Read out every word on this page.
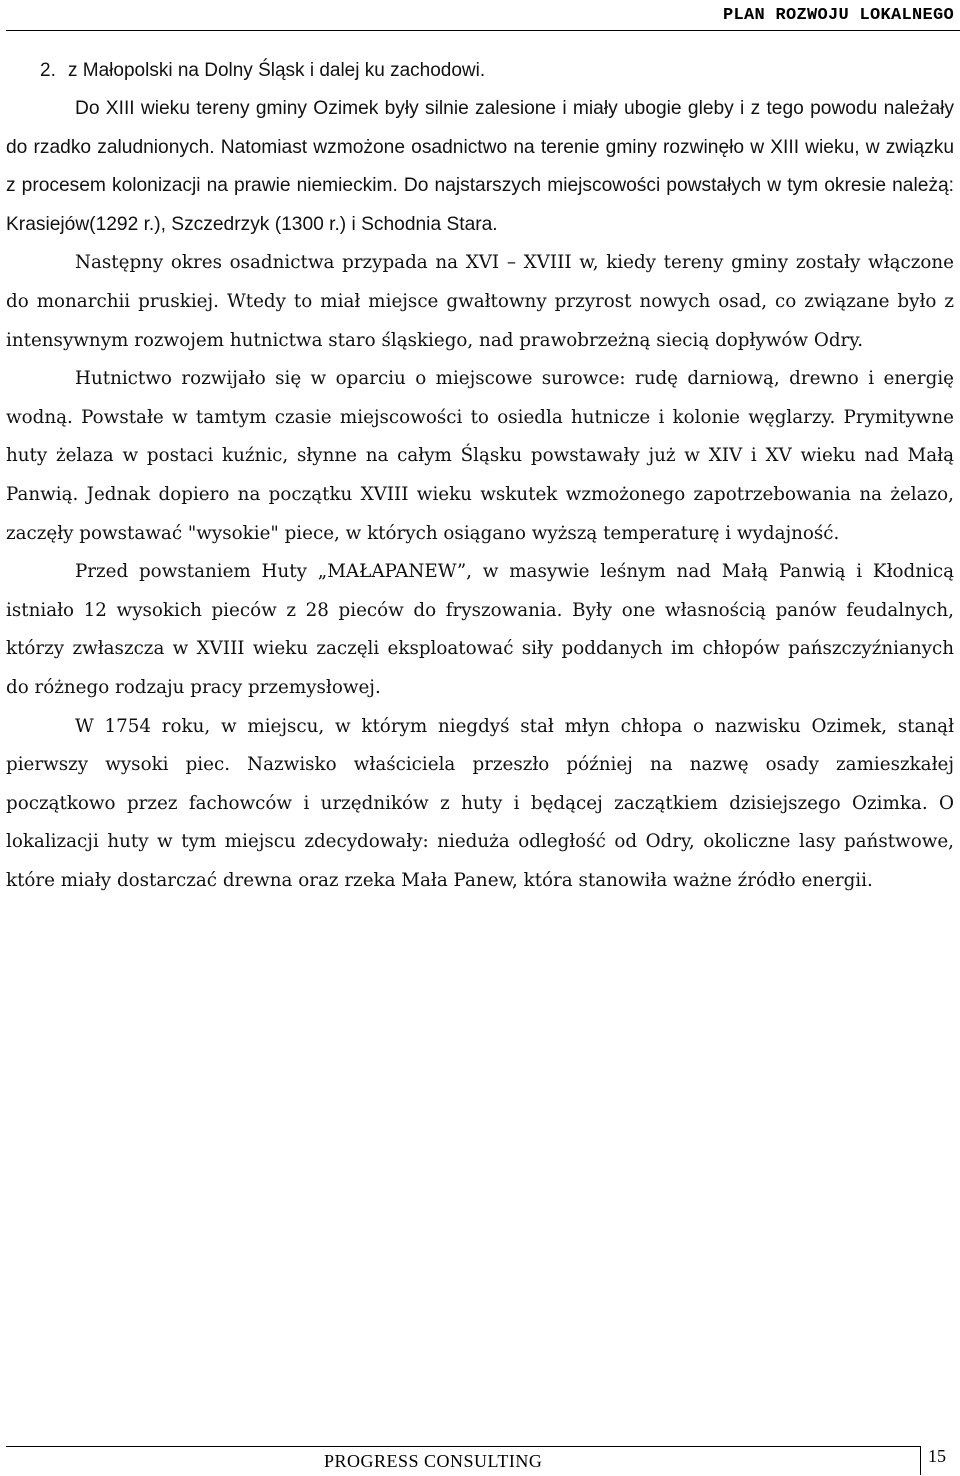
PLAN ROZWOJU LOKALNEGO
2. z Małopolski na Dolny Śląsk i dalej ku zachodowi.

Do XIII wieku tereny gminy Ozimek były silnie zalesione i miały ubogie gleby i z tego powodu należały do rzadko zaludnionych. Natomiast wzmożone osadnictwo na terenie gminy rozwinęło w XIII wieku, w związku z procesem kolonizacji na prawie niemieckim. Do najstarszych miejscowości powstałych w tym okresie należą: Krasiejów(1292 r.), Szczedrzyk (1300 r.) i Schodnia Stara.

Następny okres osadnictwa przypada na XVI – XVIII w, kiedy tereny gminy zostały włączone do monarchii pruskiej. Wtedy to miał miejsce gwałtowny przyrost nowych osad, co związane było z intensywnym rozwojem hutnictwa staro śląskiego, nad prawobrzeżną siecią dopływów Odry.

Hutnictwo rozwijało się w oparciu o miejscowe surowce: rudę darniową, drewno i energię wodną. Powstałe w tamtym czasie miejscowości to osiedla hutnicze i kolonie węglarzy. Prymitywne huty żelaza w postaci kuźnic, słynne na całym Śląsku powstawały już w XIV i XV wieku nad Małą Panwią. Jednak dopiero na początku XVIII wieku wskutek wzmożonego zapotrzebowania na żelazo, zaczęły powstawać "wysokie" piece, w których osiągano wyższą temperaturę i wydajność.

Przed powstaniem Huty „MAŁAPANEW”, w masywie leśnym nad Małą Panwią i Kłodnicą istniało 12 wysokich pieców z 28 pieców do fryszowania. Były one własnością panów feudalnych, którzy zwłaszcza w XVIII wieku zaczęli eksploatować siły poddanych im chłopów pańszczyźnianych do różnego rodzaju pracy przemysłowej.

W 1754 roku, w miejscu, w którym niegdyś stał młyn chłopa o nazwisku Ozimek, stanął pierwszy wysoki piec. Nazwisko właściciela przeszło później na nazwę osady zamieszkałej początkowo przez fachowców i urzędników z huty i będącej zaczątkiem dzisiejszego Ozimka. O lokalizacji huty w tym miejscu zdecydowały: nieduża odległość od Odry, okoliczne lasy państwowe, które miały dostarczać drewna oraz rzeka Mała Panew, która stanowiła ważne źródło energii.

PROGRESS CONSULTING	15
